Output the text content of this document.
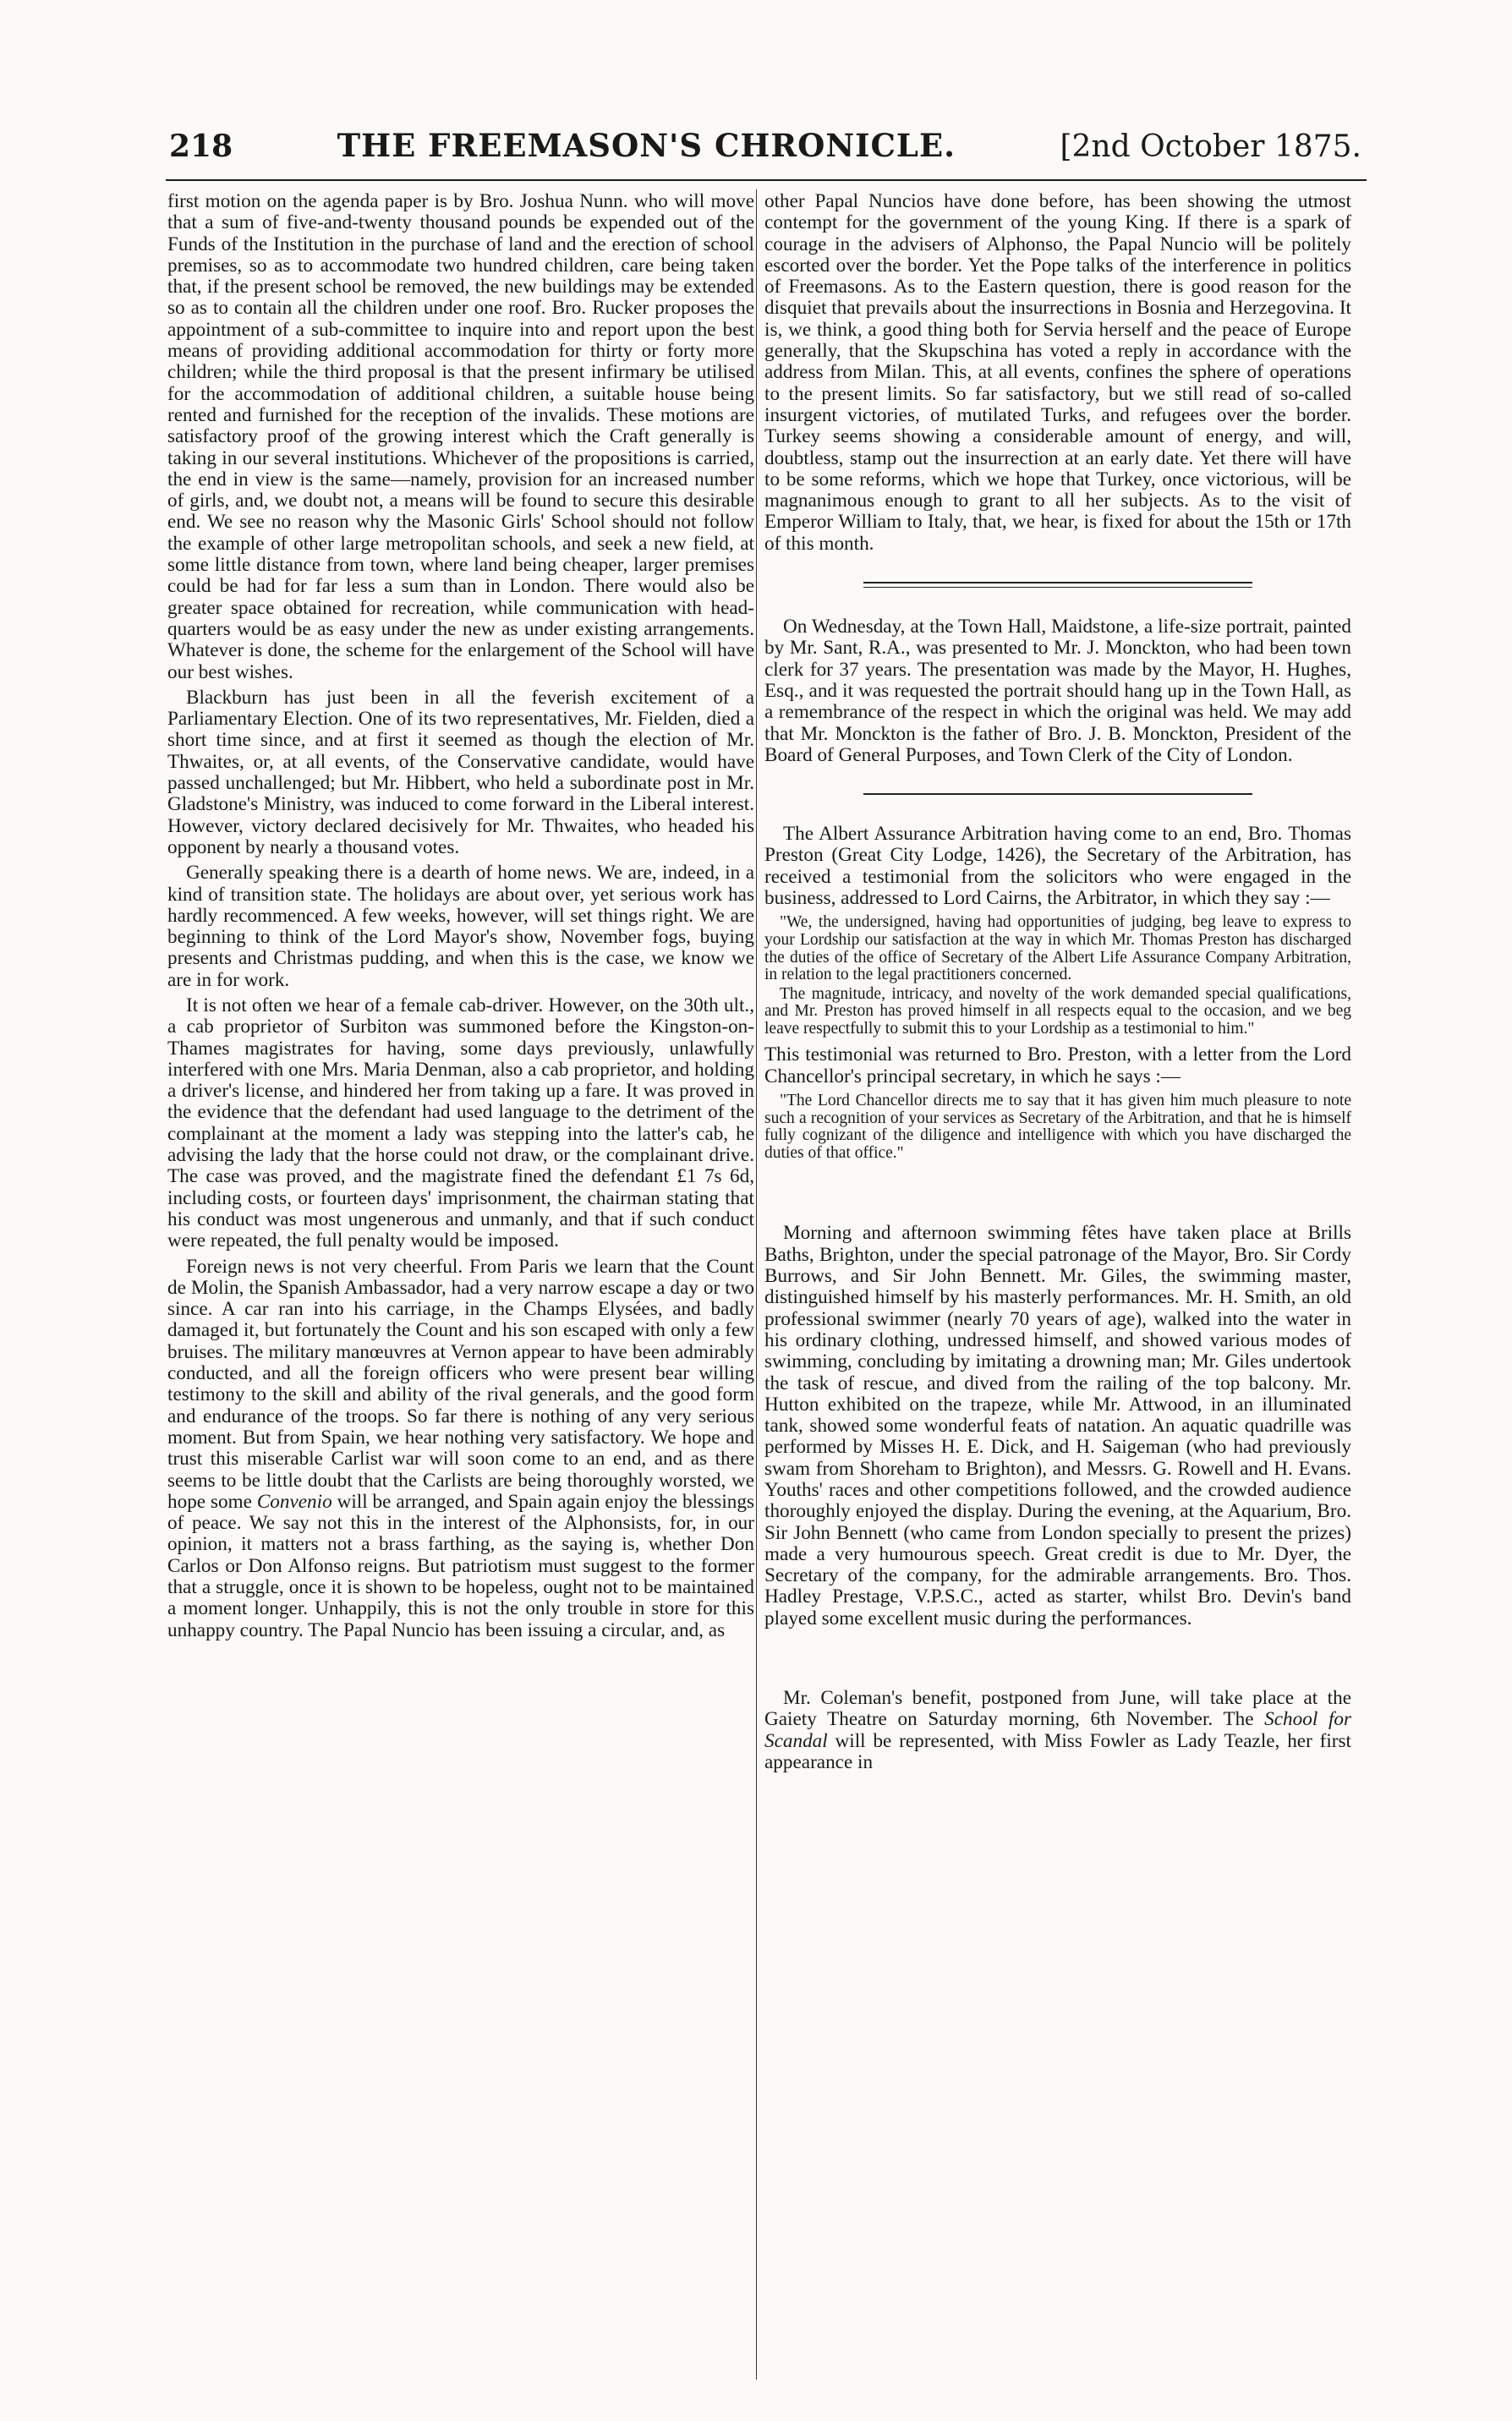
218	THE FREEMASON'S CHRONICLE.	[2nd October 1875.

first motion on the agenda paper is by Bro. Joshua Nunn. who will move that a sum of five-and-twenty thousand pounds be expended out of the Funds of the Institution in the purchase of land and the erection of school premises, so as to accommodate two hundred children, care being taken that, if the present school be removed, the new buildings may be extended so as to contain all the children under one roof. Bro. Rucker proposes the appointment of a sub-committee to inquire into and report upon the best means of providing additional accommodation for thirty or forty more children; while the third proposal is that the present infirmary be utilised for the accommodation of additional children, a suitable house being rented and furnished for the reception of the invalids. These motions are satisfactory proof of the growing interest which the Craft generally is taking in our several institutions. Whichever of the propositions is carried, the end in view is the same—namely, provision for an increased number of girls, and, we doubt not, a means will be found to secure this desirable end. We see no reason why the Masonic Girls' School should not follow the example of other large metropolitan schools, and seek a new field, at some little distance from town, where land being cheaper, larger premises could be had for far less a sum than in London. There would also be greater space obtained for recreation, while communication with head-quarters would be as easy under the new as under existing arrangements. Whatever is done, the scheme for the enlargement of the School will have our best wishes.

Blackburn has just been in all the feverish excitement of a Parliamentary Election. One of its two representatives, Mr. Fielden, died a short time since, and at first it seemed as though the election of Mr. Thwaites, or, at all events, of the Conservative candidate, would have passed unchallenged; but Mr. Hibbert, who held a subordinate post in Mr. Gladstone's Ministry, was induced to come forward in the Liberal interest. However, victory declared decisively for Mr. Thwaites, who headed his opponent by nearly a thousand votes.

Generally speaking there is a dearth of home news. We are, indeed, in a kind of transition state. The holidays are about over, yet serious work has hardly recommenced. A few weeks, however, will set things right. We are beginning to think of the Lord Mayor's show, November fogs, buying presents and Christmas pudding, and when this is the case, we know we are in for work.

It is not often we hear of a female cab-driver. However, on the 30th ult., a cab proprietor of Surbiton was summoned before the Kingston-on-Thames magistrates for having, some days previously, unlawfully interfered with one Mrs. Maria Denman, also a cab proprietor, and holding a driver's license, and hindered her from taking up a fare. It was proved in the evidence that the defendant had used language to the detriment of the complainant at the moment a lady was stepping into the latter's cab, he advising the lady that the horse could not draw, or the complainant drive. The case was proved, and the magistrate fined the defendant £1 7s 6d, including costs, or fourteen days' imprisonment, the chairman stating that his conduct was most ungenerous and unmanly, and that if such conduct were repeated, the full penalty would be imposed.

Foreign news is not very cheerful. From Paris we learn that the Count de Molin, the Spanish Ambassador, had a very narrow escape a day or two since. A car ran into his carriage, in the Champs Elysées, and badly damaged it, but fortunately the Count and his son escaped with only a few bruises. The military manœuvres at Vernon appear to have been admirably conducted, and all the foreign officers who were present bear willing testimony to the skill and ability of the rival generals, and the good form and endurance of the troops. So far there is nothing of any very serious moment. But from Spain, we hear nothing very satisfactory. We hope and trust this miserable Carlist war will soon come to an end, and as there seems to be little doubt that the Carlists are being thoroughly worsted, we hope some Convenio will be arranged, and Spain again enjoy the blessings of peace. We say not this in the interest of the Alphonsists, for, in our opinion, it matters not a brass farthing, as the saying is, whether Don Carlos or Don Alfonso reigns. But patriotism must suggest to the former that a struggle, once it is shown to be hopeless, ought not to be maintained a moment longer. Unhappily, this is not the only trouble in store for this unhappy country. The Papal Nuncio has been issuing a circular, and, as

other Papal Nuncios have done before, has been showing the utmost contempt for the government of the young King. If there is a spark of courage in the advisers of Alphonso, the Papal Nuncio will be politely escorted over the border. Yet the Pope talks of the interference in politics of Freemasons. As to the Eastern question, there is good reason for the disquiet that prevails about the insurrections in Bosnia and Herzegovina. It is, we think, a good thing both for Servia herself and the peace of Europe generally, that the Skupschina has voted a reply in accordance with the address from Milan. This, at all events, confines the sphere of operations to the present limits. So far satisfactory, but we still read of so-called insurgent victories, of mutilated Turks, and refugees over the border. Turkey seems showing a considerable amount of energy, and will, doubtless, stamp out the insurrection at an early date. Yet there will have to be some reforms, which we hope that Turkey, once victorious, will be magnanimous enough to grant to all her subjects. As to the visit of Emperor William to Italy, that, we hear, is fixed for about the 15th or 17th of this month.

On Wednesday, at the Town Hall, Maidstone, a life-size portrait, painted by Mr. Sant, R.A., was presented to Mr. J. Monckton, who had been town clerk for 37 years. The presentation was made by the Mayor, H. Hughes, Esq., and it was requested the portrait should hang up in the Town Hall, as a remembrance of the respect in which the original was held. We may add that Mr. Monckton is the father of Bro. J. B. Monckton, President of the Board of General Purposes, and Town Clerk of the City of London.

The Albert Assurance Arbitration having come to an end, Bro. Thomas Preston (Great City Lodge, 1426), the Secretary of the Arbitration, has received a testimonial from the solicitors who were engaged in the business, addressed to Lord Cairns, the Arbitrator, in which they say :—

"We, the undersigned, having had opportunities of judging, beg leave to express to your Lordship our satisfaction at the way in which Mr. Thomas Preston has discharged the duties of the office of Secretary of the Albert Life Assurance Company Arbitration, in relation to the legal practitioners concerned.

The magnitude, intricacy, and novelty of the work demanded special qualifications, and Mr. Preston has proved himself in all respects equal to the occasion, and we beg leave respectfully to submit this to your Lordship as a testimonial to him."

This testimonial was returned to Bro. Preston, with a letter from the Lord Chancellor's principal secretary, in which he says :—

"The Lord Chancellor directs me to say that it has given him much pleasure to note such a recognition of your services as Secretary of the Arbitration, and that he is himself fully cognizant of the diligence and intelligence with which you have discharged the duties of that office."

Morning and afternoon swimming fêtes have taken place at Brills Baths, Brighton, under the special patronage of the Mayor, Bro. Sir Cordy Burrows, and Sir John Bennett. Mr. Giles, the swimming master, distinguished himself by his masterly performances. Mr. H. Smith, an old professional swimmer (nearly 70 years of age), walked into the water in his ordinary clothing, undressed himself, and showed various modes of swimming, concluding by imitating a drowning man; Mr. Giles undertook the task of rescue, and dived from the railing of the top balcony. Mr. Hutton exhibited on the trapeze, while Mr. Attwood, in an illuminated tank, showed some wonderful feats of natation. An aquatic quadrille was performed by Misses H. E. Dick, and H. Saigeman (who had previously swam from Shoreham to Brighton), and Messrs. G. Rowell and H. Evans. Youths' races and other competitions followed, and the crowded audience thoroughly enjoyed the display. During the evening, at the Aquarium, Bro. Sir John Bennett (who came from London specially to present the prizes) made a very humourous speech. Great credit is due to Mr. Dyer, the Secretary of the company, for the admirable arrangements. Bro. Thos. Hadley Prestage, V.P.S.C., acted as starter, whilst Bro. Devin's band played some excellent music during the performances.

Mr. Coleman's benefit, postponed from June, will take place at the Gaiety Theatre on Saturday morning, 6th November. The School for Scandal will be represented, with Miss Fowler as Lady Teazle, her first appearance in
